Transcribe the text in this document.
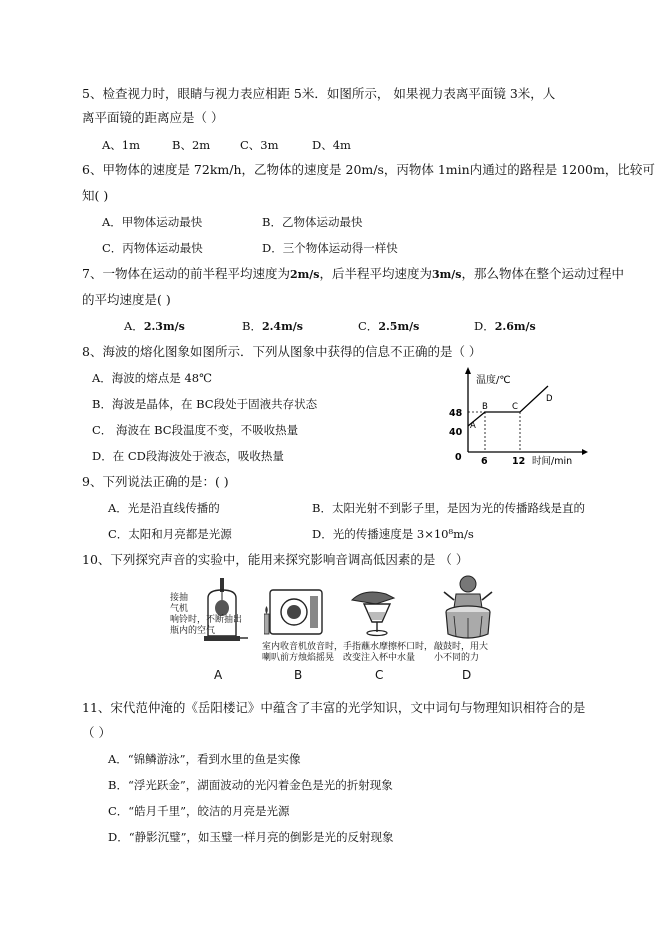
5、检查视力时，眼睛与视力表应相距 5米．如图所示， 如果视力表离平面镜 3米，人
离平面镜的距离应是（ ）
A、1m	B、2m	C、3m	D、4m
6、甲物体的速度是 72km/h，乙物体的速度是 20m/s，丙物体 1min内通过的路程是 1200m，比较可
知( )
A．甲物体运动最快	B．乙物体运动最快
C．丙物体运动最快	D．三个物体运动得一样快
7、一物体在运动的前半程平均速度为2m/s，后半程平均速度为3m/s，那么物体在整个运动过程中
的平均速度是( )
A．2.3m/s	B．2.4m/s	C．2.5m/s	D．2.6m/s
8、海波的熔化图象如图所示．下列从图象中获得的信息不正确的是（ ）
A．海波的熔点是 48℃
B．海波是晶体，在 BC段处于固液共存状态
C． 海波在 BC段温度不变，不吸收热量
D．在 CD段海波处于液态，吸收热量
温度/℃
48
40
0 6	12 时间/min
A
B	C
D
9、下列说法正确的是：( )
A．光是沿直线传播的	B．太阳光射不到影子里，是因为光的传播路线是直的
C．太阳和月亮都是光源	D．光的传播速度是 3×10⁸m/s
10、下列探究声音的实验中，能用来探究影响音调高低因素的是 （ ）
接抽
气机
响铃时，不断抽出
瓶内的空气
室内收音机放音时，
喇叭前方烛焰摇晃
手指蘸水摩擦杯口时，
改变注入杯中水量
敲鼓时，用大
小不同的力
A	B	C	D
11、宋代范仲淹的《岳阳楼记》中蕴含了丰富的光学知识，文中词句与物理知识相符合的是
（ ）
A．“锦鳞游泳”，看到水里的鱼是实像
B．“浮光跃金”，湖面波动的光闪着金色是光的折射现象
C．“皓月千里”，皎洁的月亮是光源
D．“静影沉璧”，如玉璧一样月亮的倒影是光的反射现象
